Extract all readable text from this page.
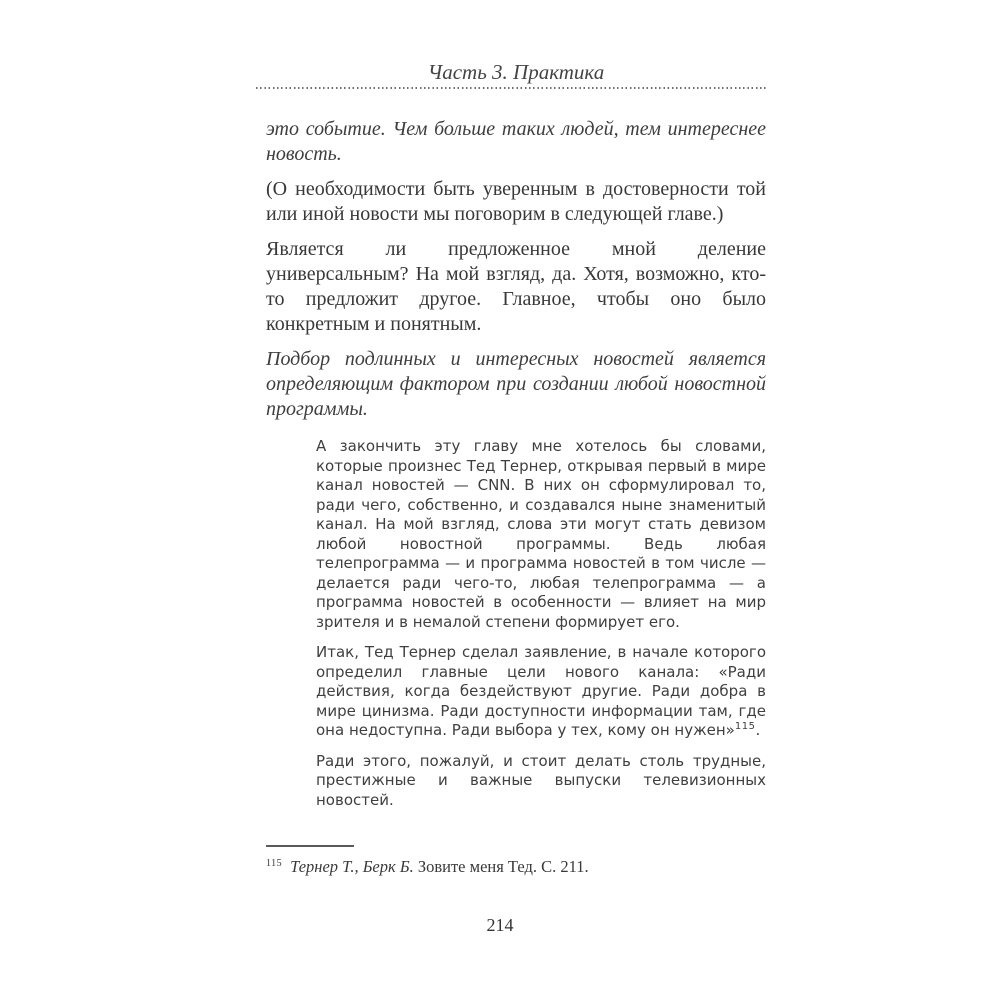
Часть 3. Практика

это событие. Чем больше таких людей, тем интереснее новость.

(О необходимости быть уверенным в достоверности той или иной новости мы поговорим в следующей главе.)

Является ли предложенное мной деление универсальным? На мой взгляд, да. Хотя, возможно, кто-то предложит другое. Главное, чтобы оно было конкретным и понятным.

Подбор подлинных и интересных новостей является определяющим фактором при создании любой новостной программы.

А закончить эту главу мне хотелось бы словами, которые произнес Тед Тернер, открывая первый в мире канал новостей — CNN. В них он сформулировал то, ради чего, собственно, и создавался ныне знаменитый канал. На мой взгляд, слова эти могут стать девизом любой новостной программы. Ведь любая телепрограмма — и программа новостей в том числе — делается ради чего-то, любая телепрограмма — а программа новостей в особенности — влияет на мир зрителя и в немалой степени формирует его.

Итак, Тед Тернер сделал заявление, в начале которого определил главные цели нового канала: «Ради действия, когда бездействуют другие. Ради добра в мире цинизма. Ради доступности информации там, где она недоступна. Ради выбора у тех, кому он нужен»$^{115}$.

Ради этого, пожалуй, и стоит делать столь трудные, престижные и важные выпуски телевизионных новостей.

$^{115}$ Тернер Т., Берк Б. Зовите меня Тед. С. 211.
214
